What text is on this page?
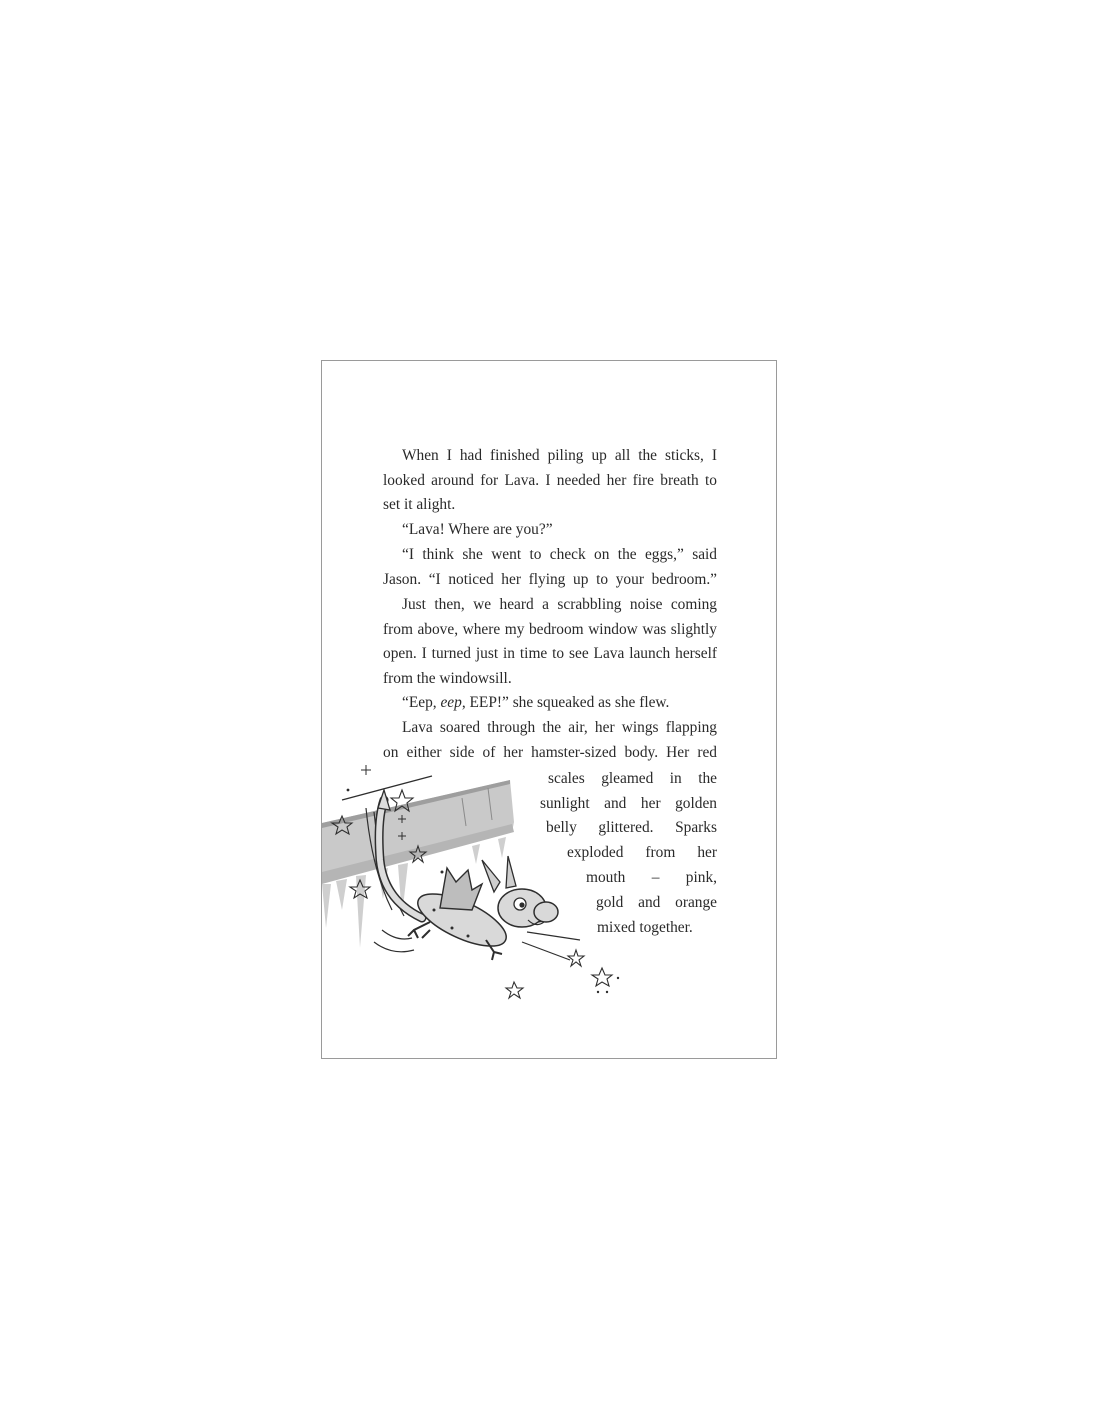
When I had finished piling up all the sticks, I
looked around for Lava. I needed her fire breath to
set it alight.
“Lava! Where are you?”
“I think she went to check on the eggs,” said
Jason. “I noticed her flying up to your bedroom.”
Just then, we heard a scrabbling noise coming
from above, where my bedroom window was slightly
open. I turned just in time to see Lava launch herself
from the windowsill.
“Eep, eep, EEP!” she squeaked as she flew.
Lava soared through the air, her wings flapping
on either side of her hamster-sized body. Her red
scales gleamed in the
sunlight and her golden
belly glittered. Sparks
exploded from her
mouth – pink,
gold and orange
mixed together.
